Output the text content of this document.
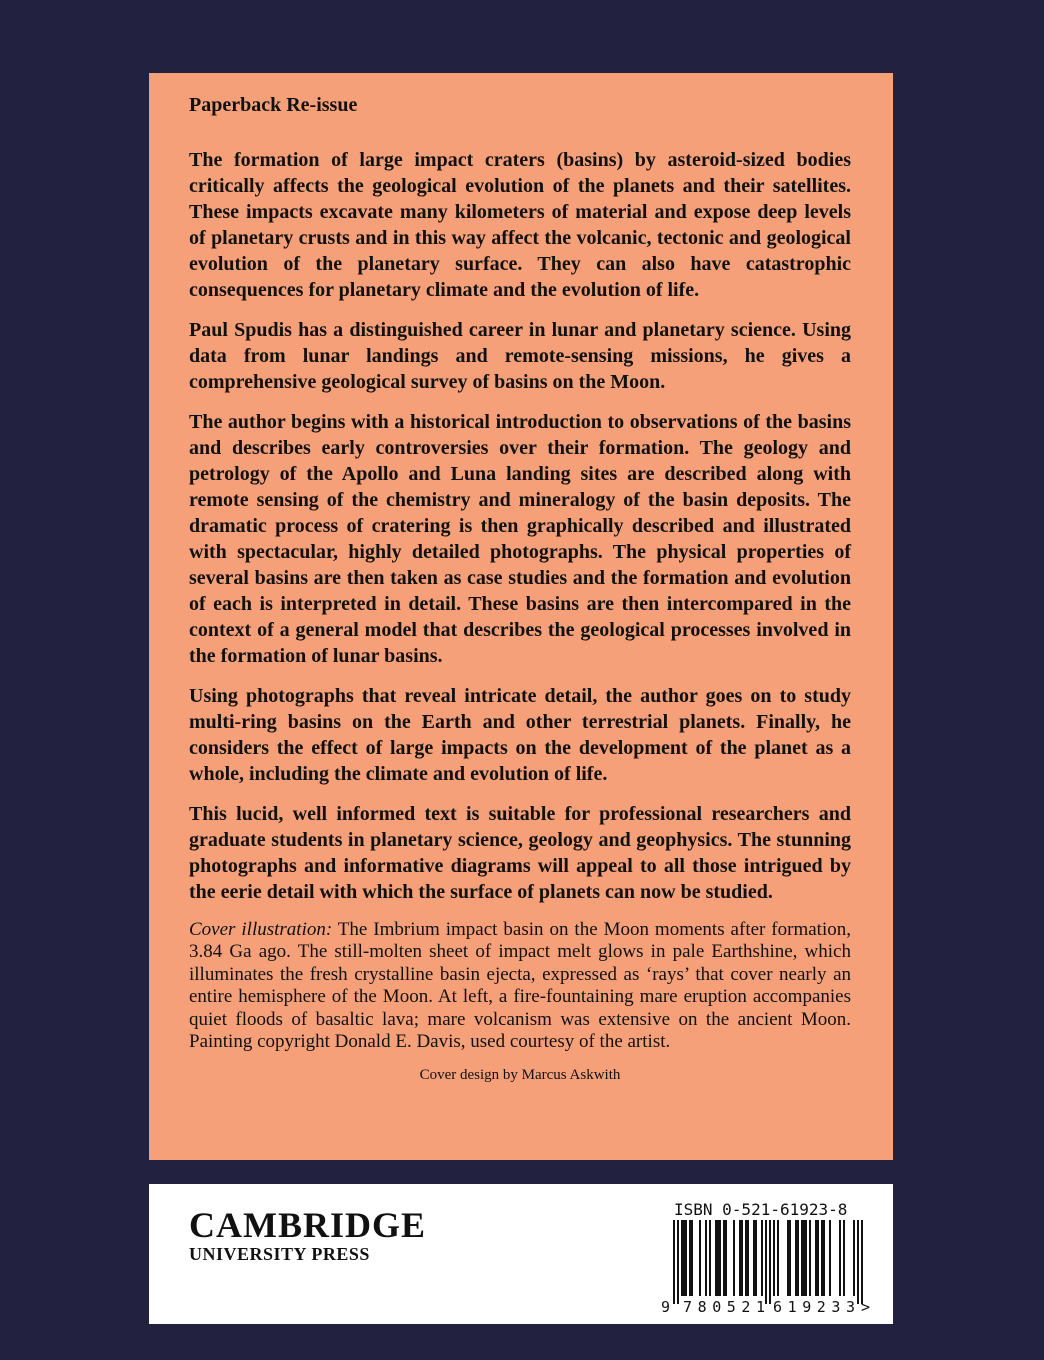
Paperback Re-issue

The formation of large impact craters (basins) by asteroid-sized bodies critically affects the geological evolution of the planets and their satellites. These impacts excavate many kilometers of material and expose deep levels of planetary crusts and in this way affect the volcanic, tectonic and geological evolution of the planetary surface. They can also have catastrophic consequences for planetary climate and the evolution of life.

Paul Spudis has a distinguished career in lunar and planetary science. Using data from lunar landings and remote-sensing missions, he gives a comprehensive geological survey of basins on the Moon.

The author begins with a historical introduction to observations of the basins and describes early controversies over their formation. The geology and petrology of the Apollo and Luna landing sites are described along with remote sensing of the chemistry and mineralogy of the basin deposits. The dramatic process of cratering is then graphically described and illustrated with spectacular, highly detailed photographs. The physical properties of several basins are then taken as case studies and the formation and evolution of each is interpreted in detail. These basins are then intercompared in the context of a general model that describes the geological processes involved in the formation of lunar basins.

Using photographs that reveal intricate detail, the author goes on to study multi-ring basins on the Earth and other terrestrial planets. Finally, he considers the effect of large impacts on the development of the planet as a whole, including the climate and evolution of life.

This lucid, well informed text is suitable for professional researchers and graduate students in planetary science, geology and geophysics. The stunning photographs and informative diagrams will appeal to all those intrigued by the eerie detail with which the surface of planets can now be studied.

Cover illustration: The Imbrium impact basin on the Moon moments after formation, 3.84 Ga ago. The still-molten sheet of impact melt glows in pale Earthshine, which illuminates the fresh crystalline basin ejecta, expressed as ‘rays’ that cover nearly an entire hemisphere of the Moon. At left, a fire-fountaining mare eruption accompanies quiet floods of basaltic lava; mare volcanism was extensive on the ancient Moon. Painting copyright Donald E. Davis, used courtesy of the artist.

Cover design by Marcus Askwith
CAMBRIDGE
UNIVERSITY PRESS
ISBN 0-521-61923-8
9 780521 619233 >
